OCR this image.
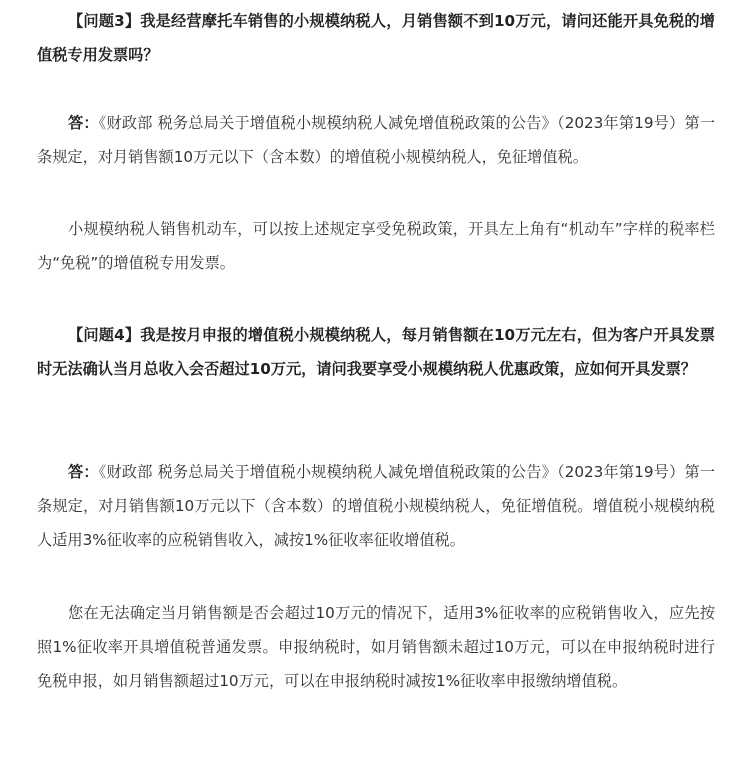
【问题3】我是经营摩托车销售的小规模纳税人，月销售额不到10万元，请问还能开具免税的增值税专用发票吗？

答：《财政部 税务总局关于增值税小规模纳税人减免增值税政策的公告》（2023年第19号）第一条规定，对月销售额10万元以下（含本数）的增值税小规模纳税人，免征增值税。

小规模纳税人销售机动车，可以按上述规定享受免税政策，开具左上角有“机动车”字样的税率栏为“免税”的增值税专用发票。

【问题4】我是按月申报的增值税小规模纳税人，每月销售额在10万元左右，但为客户开具发票时无法确认当月总收入会否超过10万元，请问我要享受小规模纳税人优惠政策，应如何开具发票？

答：《财政部 税务总局关于增值税小规模纳税人减免增值税政策的公告》（2023年第19号）第一条规定，对月销售额10万元以下（含本数）的增值税小规模纳税人，免征增值税。增值税小规模纳税人适用3%征收率的应税销售收入，减按1%征收率征收增值税。

您在无法确定当月销售额是否会超过10万元的情况下，适用3%征收率的应税销售收入，应先按照1%征收率开具增值税普通发票。申报纳税时，如月销售额未超过10万元，可以在申报纳税时进行免税申报，如月销售额超过10万元，可以在申报纳税时减按1%征收率申报缴纳增值税。
